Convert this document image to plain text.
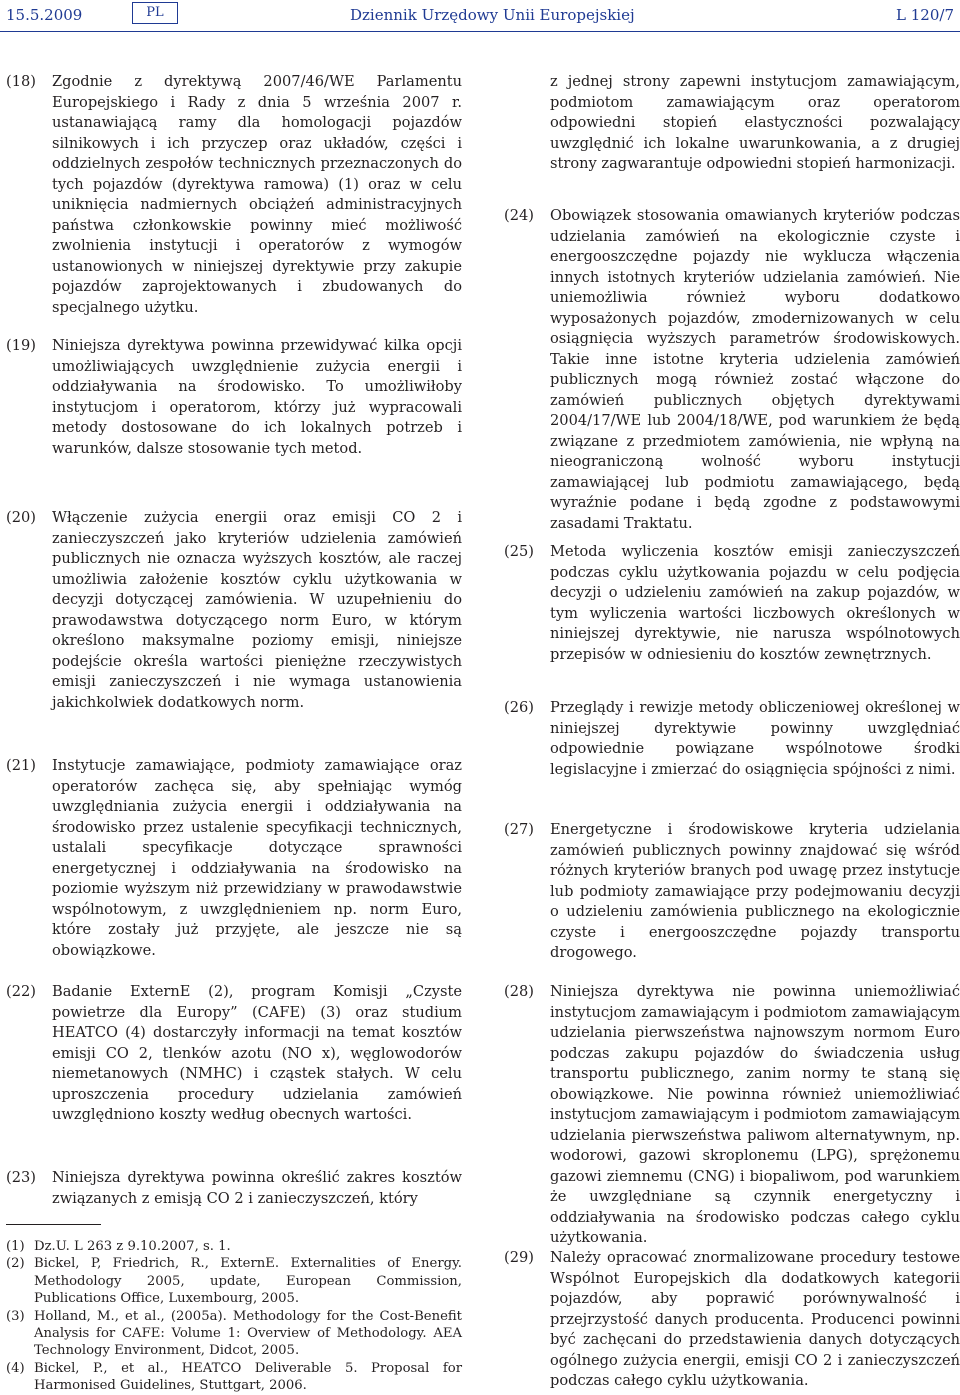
15.5.2009	PL	Dziennik Urzędowy Unii Europejskiej	L 120/7
(18)	Zgodnie z dyrektywą 2007/46/WE Parlamentu Europejskiego i Rady z dnia 5 września 2007 r. ustanawiającą ramy dla homologacji pojazdów silnikowych i ich przyczep oraz układów, części i oddzielnych zespołów technicznych przeznaczonych do tych pojazdów (dyrektywa ramowa) (1) oraz w celu uniknięcia nadmiernych obciążeń administracyjnych państwa członkowskie powinny mieć możliwość zwolnienia instytucji i operatorów z wymogów ustanowionych w niniejszej dyrektywie przy zakupie pojazdów zaprojektowanych i zbudowanych do specjalnego użytku.
(19)	Niniejsza dyrektywa powinna przewidywać kilka opcji umożliwiających uwzględnienie zużycia energii i oddziaływania na środowisko. To umożliwiłoby instytucjom i operatorom, którzy już wypracowali metody dostosowane do ich lokalnych potrzeb i warunków, dalsze stosowanie tych metod.
(20)	Włączenie zużycia energii oraz emisji CO 2 i zanieczyszczeń jako kryteriów udzielenia zamówień publicznych nie oznacza wyższych kosztów, ale raczej umożliwia założenie kosztów cyklu użytkowania w decyzji dotyczącej zamówienia. W uzupełnieniu do prawodawstwa dotyczącego norm Euro, w którym określono maksymalne poziomy emisji, niniejsze podejście określa wartości pieniężne rzeczywistych emisji zanieczyszczeń i nie wymaga ustanowienia jakichkolwiek dodatkowych norm.
(21)	Instytucje zamawiające, podmioty zamawiające oraz operatorów zachęca się, aby spełniając wymóg uwzględniania zużycia energii i oddziaływania na środowisko przez ustalenie specyfikacji technicznych, ustalali specyfikacje dotyczące sprawności energetycznej i oddziaływania na środowisko na poziomie wyższym niż przewidziany w prawodawstwie wspólnotowym, z uwzględnieniem np. norm Euro, które zostały już przyjęte, ale jeszcze nie są obowiązkowe.
(22)	Badanie ExternE (2), program Komisji „Czyste powietrze dla Europy” (CAFE) (3) oraz studium HEATCO (4) dostarczyły informacji na temat kosztów emisji CO 2, tlenków azotu (NO x), węglowodorów niemetanowych (NMHC) i cząstek stałych. W celu uproszczenia procedury udzielania zamówień uwzględniono koszty według obecnych wartości.
(23)	Niniejsza dyrektywa powinna określić zakres kosztów związanych z emisją CO 2 i zanieczyszczeń, który
z jednej strony zapewni instytucjom zamawiającym, podmiotom zamawiającym oraz operatorom odpowiedni stopień elastyczności pozwalający uwzględnić ich lokalne uwarunkowania, a z drugiej strony zagwarantuje odpowiedni stopień harmonizacji.
(24)	Obowiązek stosowania omawianych kryteriów podczas udzielania zamówień na ekologicznie czyste i energooszczędne pojazdy nie wyklucza włączenia innych istotnych kryteriów udzielania zamówień. Nie uniemożliwia również wyboru dodatkowo wyposażonych pojazdów, zmodernizowanych w celu osiągnięcia wyższych parametrów środowiskowych. Takie inne istotne kryteria udzielenia zamówień publicznych mogą również zostać włączone do zamówień publicznych objętych dyrektywami 2004/17/WE lub 2004/18/WE, pod warunkiem że będą związane z przedmiotem zamówienia, nie wpłyną na nieograniczoną wolność wyboru instytucji zamawiającej lub podmiotu zamawiającego, będą wyraźnie podane i będą zgodne z podstawowymi zasadami Traktatu.
(25)	Metoda wyliczenia kosztów emisji zanieczyszczeń podczas cyklu użytkowania pojazdu w celu podjęcia decyzji o udzieleniu zamówień na zakup pojazdów, w tym wyliczenia wartości liczbowych określonych w niniejszej dyrektywie, nie narusza wspólnotowych przepisów w odniesieniu do kosztów zewnętrznych.
(26)	Przeglądy i rewizje metody obliczeniowej określonej w niniejszej dyrektywie powinny uwzględniać odpowiednie powiązane wspólnotowe środki legislacyjne i zmierzać do osiągnięcia spójności z nimi.
(27)	Energetyczne i środowiskowe kryteria udzielania zamówień publicznych powinny znajdować się wśród różnych kryteriów branych pod uwagę przez instytucje lub podmioty zamawiające przy podejmowaniu decyzji o udzieleniu zamówienia publicznego na ekologicznie czyste i energooszczędne pojazdy transportu drogowego.
(28)	Niniejsza dyrektywa nie powinna uniemożliwiać instytucjom zamawiającym i podmiotom zamawiającym udzielania pierwszeństwa najnowszym normom Euro podczas zakupu pojazdów do świadczenia usług transportu publicznego, zanim normy te staną się obowiązkowe. Nie powinna również uniemożliwiać instytucjom zamawiającym i podmiotom zamawiającym udzielania pierwszeństwa paliwom alternatywnym, np. wodorowi, gazowi skroplonemu (LPG), sprężonemu gazowi ziemnemu (CNG) i biopaliwom, pod warunkiem że uwzględniane są czynnik energetyczny i oddziaływania na środowisko podczas całego cyklu użytkowania.
(29)	Należy opracować znormalizowane procedury testowe Wspólnot Europejskich dla dodatkowych kategorii pojazdów, aby poprawić porównywalność i przejrzystość danych producenta. Producenci powinni być zachęcani do przedstawienia danych dotyczących ogólnego zużycia energii, emisji CO 2 i zanieczyszczeń podczas całego cyklu użytkowania.
(1) Dz.U. L 263 z 9.10.2007, s. 1.
(2) Bickel, P, Friedrich, R., ExternE. Externalities of Energy. Methodology 2005, update, European Commission, Publications Office, Luxembourg, 2005.
(3) Holland, M., et al., (2005a). Methodology for the Cost-Benefit Analysis for CAFE: Volume 1: Overview of Methodology. AEA Technology Environment, Didcot, 2005.
(4) Bickel, P., et al., HEATCO Deliverable 5. Proposal for Harmonised Guidelines, Stuttgart, 2006.
